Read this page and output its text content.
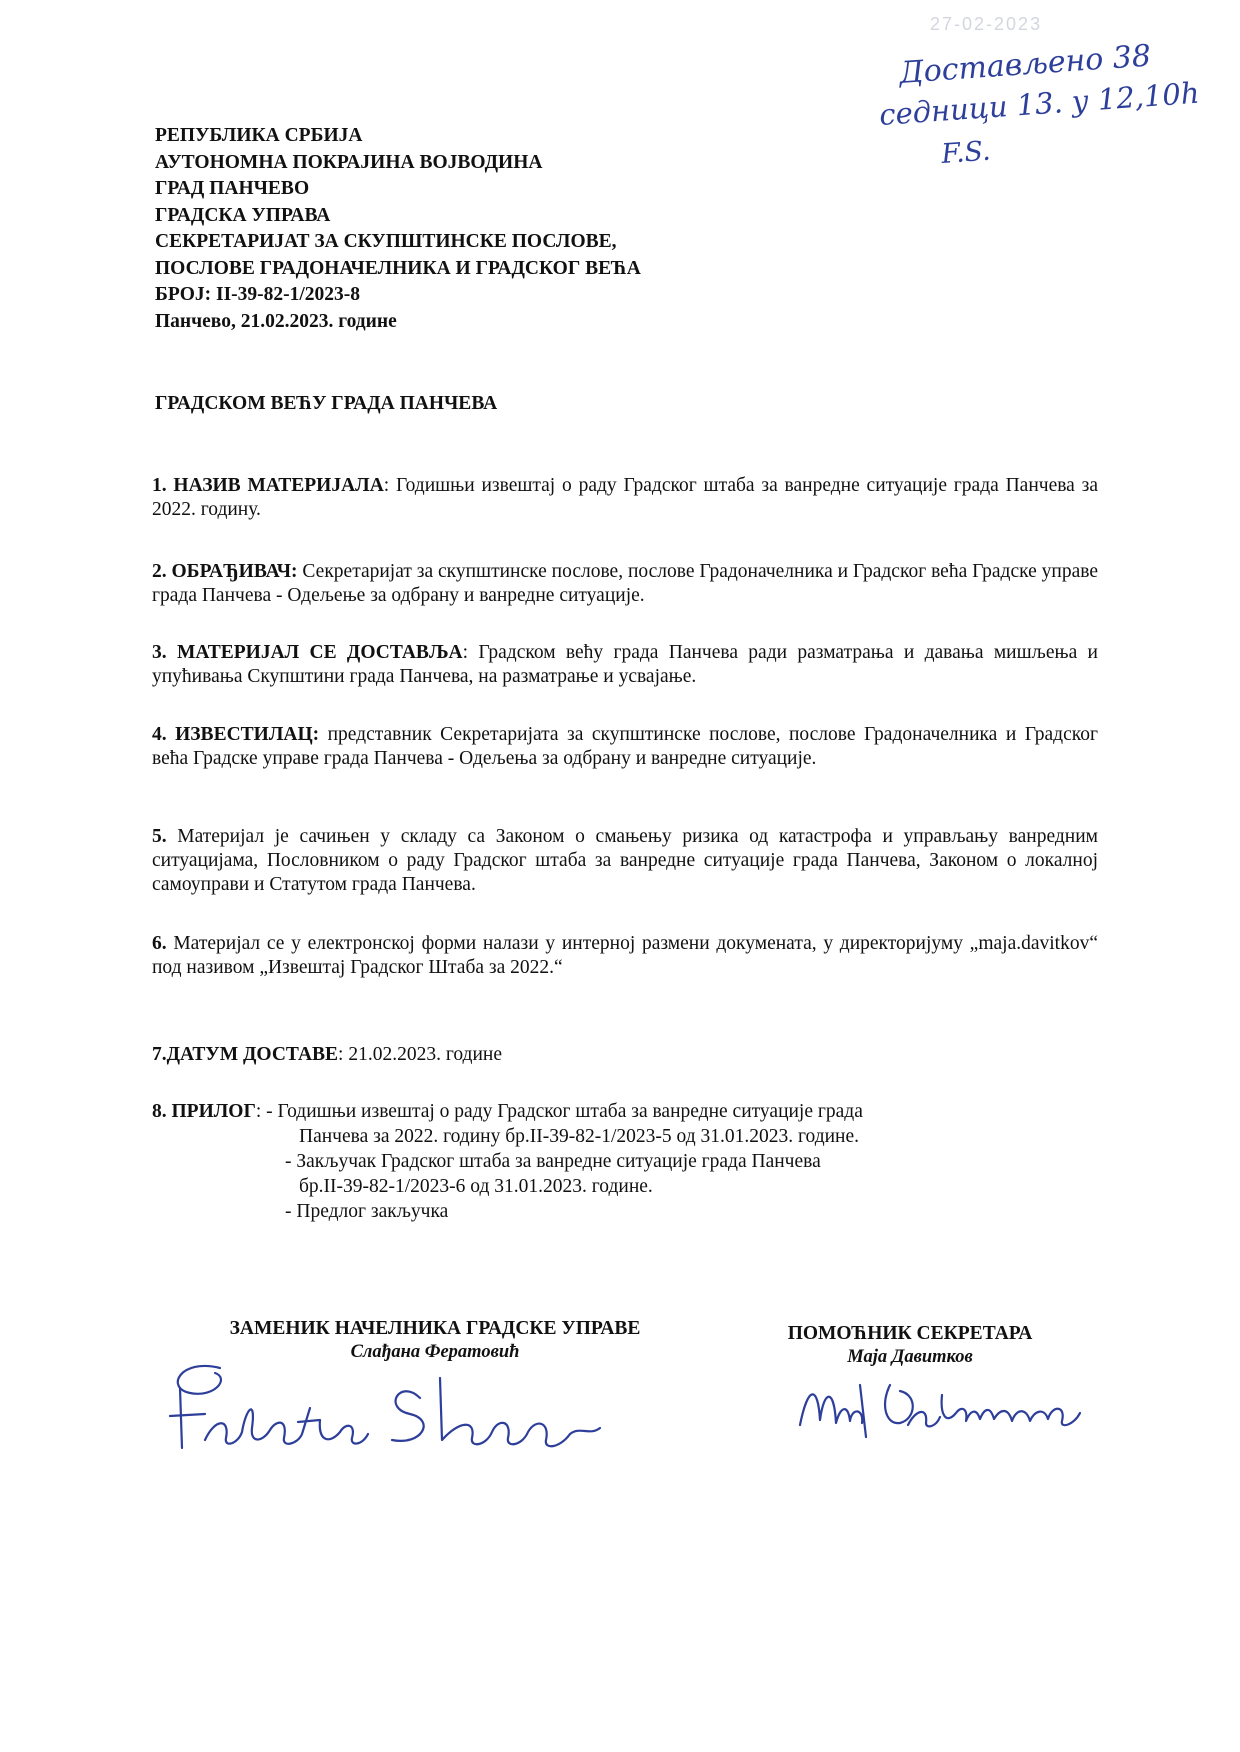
27-02-2023
Достављено 38
седници 13. у 12,10h
F.S.
РЕПУБЛИКА СРБИЈА
АУТОНОМНА ПОКРАЈИНА ВОЈВОДИНА
ГРАД ПАНЧЕВО
ГРАДСКА УПРАВА
СЕКРЕТАРИЈАТ ЗА СКУПШТИНСКЕ ПОСЛОВЕ,
ПОСЛОВЕ ГРАДОНАЧЕЛНИКА И ГРАДСКОГ ВЕЋА
БРОЈ: II-39-82-1/2023-8
Панчево, 21.02.2023. године
ГРАДСКОМ ВЕЋУ ГРАДА ПАНЧЕВА
1. НАЗИВ МАТЕРИЈАЛА: Годишњи извештај о раду Градског штаба за ванредне ситуације града Панчева за 2022. годину.
2. ОБРАЂИВАЧ: Секретаријат за скупштинске послове, послове Градоначелника и Градског већа Градске управе града Панчева - Одељење за одбрану и ванредне ситуације.
3. МАТЕРИЈАЛ СЕ ДОСТАВЉА: Градском већу града Панчева ради разматрања и давања мишљења и упућивања Скупштини града Панчева, на разматрање и усвајање.
4. ИЗВЕСТИЛАЦ: представник Секретаријата за скупштинске послове, послове Градоначелника и Градског већа Градске управе града Панчева - Одељења за одбрану и ванредне ситуације.
5. Материјал је сачињен у складу са Законом о смањењу ризика од катастрофа и управљању ванредним ситуацијама, Пословником о раду Градског штаба за ванредне ситуације града Панчева, Законом о локалној самоуправи и Статутом града Панчева.
6. Материјал се у електронској форми налази у интерној размени докумената, у директоријуму „maja.davitkov“ под називом „Извештај Градског Штаба за 2022.“
7.ДАТУМ ДОСТАВЕ: 21.02.2023. године
8. ПРИЛОГ: - Годишњи извештај о раду Градског штаба за ванредне ситуације града
Панчева за 2022. годину бр.II-39-82-1/2023-5 од 31.01.2023. године.
- Закључак Градског штаба за ванредне ситуације града Панчева
бр.II-39-82-1/2023-6 од 31.01.2023. године.
- Предлог закључка
ЗАМЕНИК НАЧЕЛНИКА ГРАДСКЕ УПРАВЕ
Слађана Фератовић
ПОМОЋНИК СЕКРЕТАРА
Маја Давитков
